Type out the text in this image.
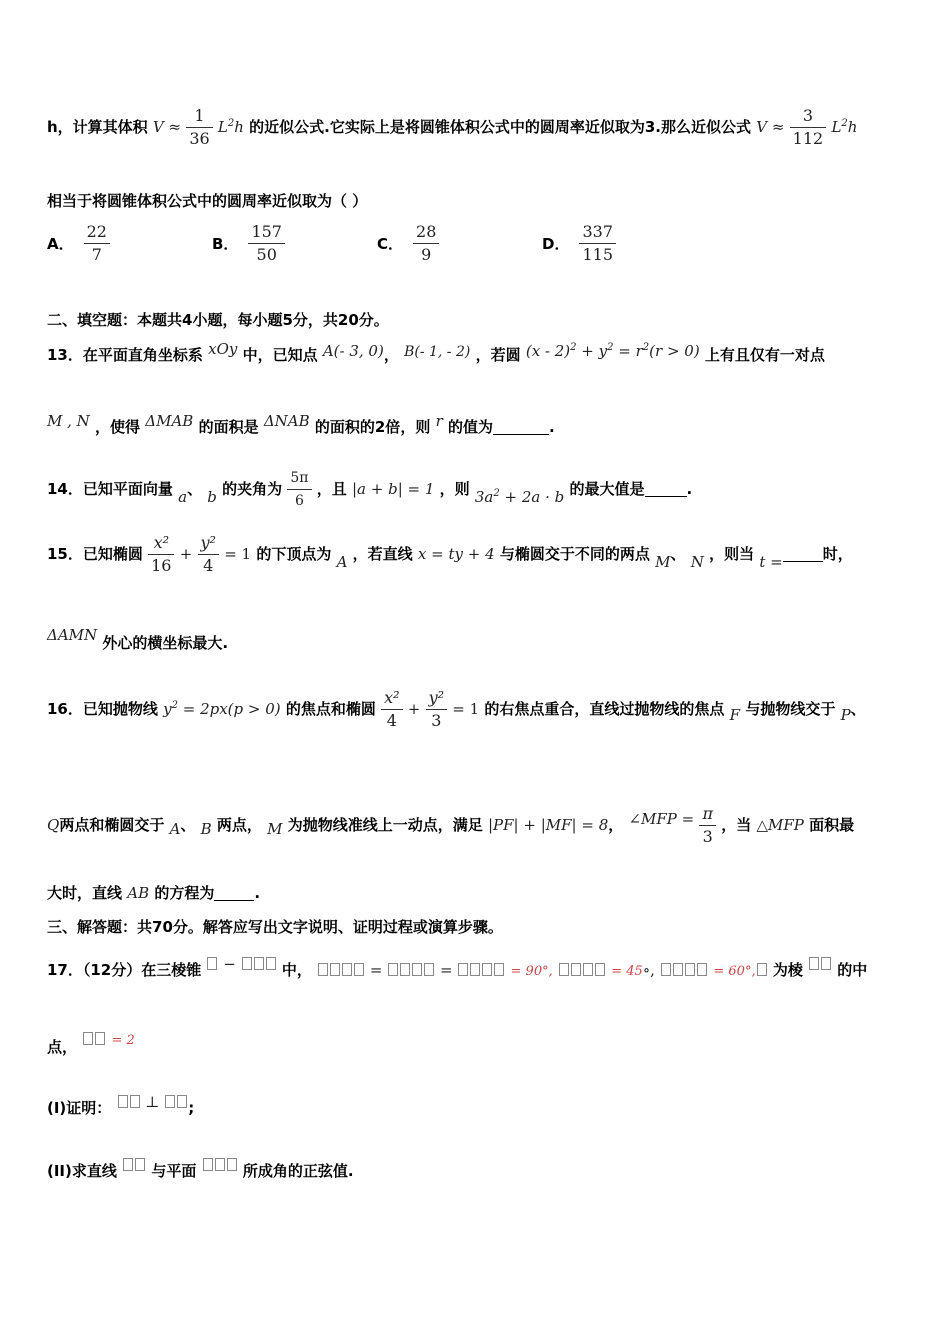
h，计算其体积 $V \approx \frac{1}{36} L^2h$ 的近似公式.它实际上是将圆锥体积公式中的圆周率近似取为3.那么近似公式 $V \approx \frac{3}{112} L^2h$
相当于将圆锥体积公式中的圆周率近似取为（ ）
A． $\frac{22}{7}$	B． $\frac{157}{50}$	C． $\frac{28}{9}$	D． $\frac{337}{115}$
二、填空题：本题共4小题，每小题5分，共20分。
13．在平面直角坐标系 xOy 中，已知点 A(- 3, 0)， B(- 1, - 2) ，若圆 $(x - 2)^2 + y^2 = r^2(r > 0)$ 上有且仅有一对点
M , N ，使得 ΔMAB 的面积是 ΔNAB 的面积的2倍，则 r 的值为	.
14．已知平面向量 a、 b 的夹角为 $\frac{5\pi}{6}$ ，且 |a + b| = 1 ，则 $3a^2 + 2a \cdot b$ 的最大值是	.
15．已知椭圆 $\frac{\text{x²}}{16} + \frac{\text{y²}}{4} = 1$ 的下顶点为 A ，若直线 x = ty + 4 与椭圆交于不同的两点 M、 N ，则当 t =	时，
ΔAMN 外心的横坐标最大.
16．已知抛物线 $y^2 = 2px(p > 0)$ 的焦点和椭圆 $\frac{\text{x²}}{4} + \frac{\text{y²}}{3} = 1$ 的右焦点重合，直线过抛物线的焦点 F 与抛物线交于 P、
Q两点和椭圆交于 A、 B 两点， M 为抛物线准线上一动点，满足 |PF| + |MF| = 8， ∠MFP = $\frac{\pi}{3}$ ，当 △MFP 面积最
大时，直线 AB 的方程为	.
三、解答题：共70分。解答应写出文字说明、证明过程或演算步骤。
17．（12分）在三棱锥  −	中，	=	=	= 90°,	= 45∘,	= 60°, 为棱 的中
点，	= 2
(I)证明：  ⊥ ;
(II)求直线 与平面	所成角的正弦值.
